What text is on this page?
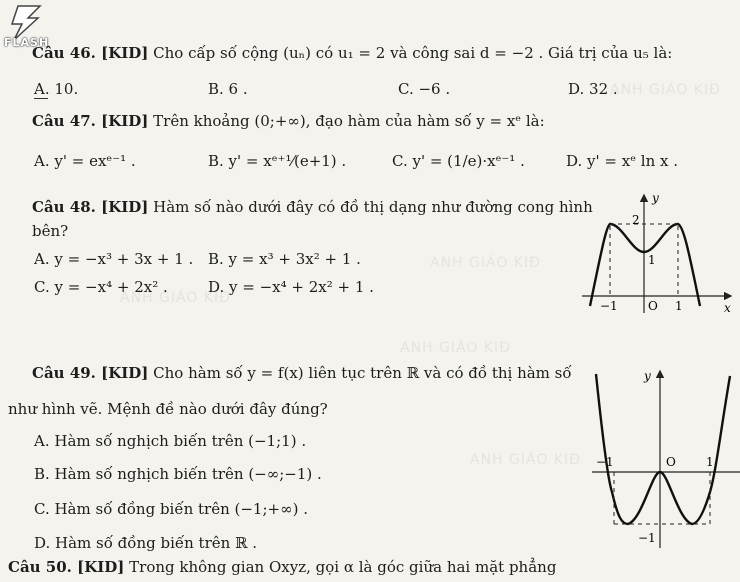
FLASH
ANH GIÁO KIĐ
ANH GIÁO KIĐ
ANH GIÁO KIĐ
ANH GIÁO KIĐ
ANH GIÁO KIĐ
Câu 46. [KID] Cho cấp số cộng (uₙ) có u₁ = 2 và công sai d = −2 . Giá trị của u₅ là:
A. 10.	B. 6 .	C. −6 .	D. 32 .
Câu 47. [KID] Trên khoảng (0;+∞), đạo hàm của hàm số y = xᵉ là:
A. y' = exᵉ⁻¹ .	B. y' = xᵉ⁺¹⁄(e+1) .	C. y' = (1/e)·xᵉ⁻¹ .	D. y' = xᵉ ln x .
Câu 48. [KID] Hàm số nào dưới đây có đồ thị dạng như đường cong hình
bên?
A. y = −x³ + 3x + 1 . B. y = x³ + 3x² + 1 .
C. y = −x⁴ + 2x² .	D. y = −x⁴ + 2x² + 1 .
y
x
O
−1	1
2
1
Câu 49. [KID] Cho hàm số y = f(x) liên tục trên ℝ và có đồ thị hàm số
như hình vẽ. Mệnh đề nào dưới đây đúng?
A. Hàm số nghịch biến trên (−1;1) .
B. Hàm số nghịch biến trên (−∞;−1) .
C. Hàm số đồng biến trên (−1;+∞) .
D. Hàm số đồng biến trên ℝ .
y
O
−1	1
−1
Câu 50. [KID] Trong không gian Oxyz, gọi α là góc giữa hai mặt phẳng
